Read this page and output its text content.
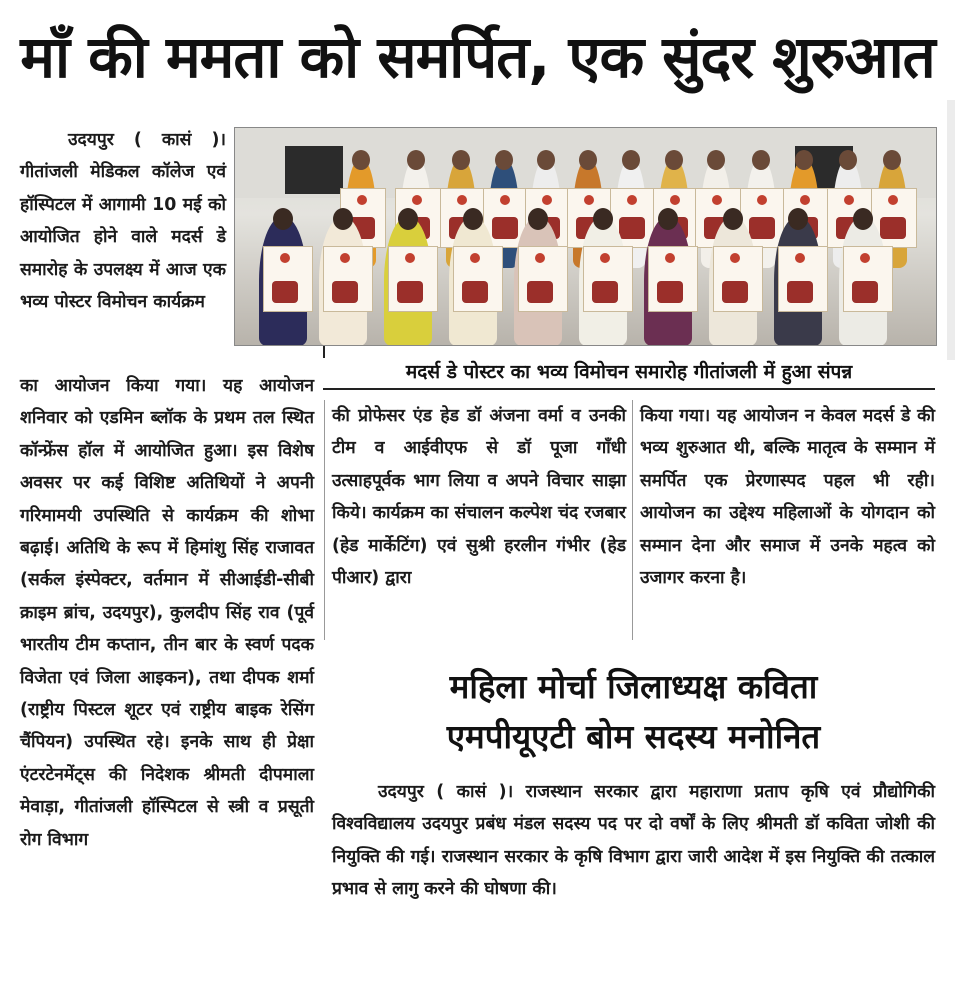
माँ की ममता को समर्पित, एक सुंदर शुरुआत
उदयपुर ( कासं )। गीतांजली मेडिकल कॉलेज एवं हॉस्पिटल में आगामी 10 मई को आयोजित होने वाले मदर्स डे समारोह के उपलक्ष्य में आज एक भव्य पोस्टर विमोचन कार्यक्रम
मदर्स डे पोस्टर का भव्य विमोचन समारोह गीतांजली में हुआ संपन्न
का आयोजन किया गया। यह आयोजन शनिवार को एडमिन ब्लॉक के प्रथम तल स्थित कॉन्फ्रेंस हॉल में आयोजित हुआ। इस विशेष अवसर पर कई विशिष्ट अतिथियों ने अपनी गरिमामयी उपस्थिति से कार्यक्रम की शोभा बढ़ाई। अतिथि के रूप में हिमांशु सिंह राजावत (सर्कल इंस्पेक्टर, वर्तमान में सीआईडी-सीबी क्राइम ब्रांच, उदयपुर), कुलदीप सिंह राव (पूर्व भारतीय टीम कप्तान, तीन बार के स्वर्ण पदक विजेता एवं जिला आइकन), तथा दीपक शर्मा (राष्ट्रीय पिस्टल शूटर एवं राष्ट्रीय बाइक रेसिंग चैंपियन) उपस्थित रहे। इनके साथ ही प्रेक्षा एंटरटेनमेंट्स की निदेशक श्रीमती दीपमाला मेवाड़ा, गीतांजली हॉस्पिटल से स्त्री व प्रसूती रोग विभाग
की प्रोफेसर एंड हेड डॉ अंजना वर्मा व उनकी टीम व आईवीएफ से डॉ पूजा गाँधी उत्साहपूर्वक भाग लिया व अपने विचार साझा किये। कार्यक्रम का संचालन कल्पेश चंद रजबार (हेड मार्केटिंग) एवं सुश्री हरलीन गंभीर (हेड पीआर) द्वारा
किया गया। यह आयोजन न केवल मदर्स डे की भव्य शुरुआत थी, बल्कि मातृत्व के सम्मान में समर्पित एक प्रेरणास्पद पहल भी रही। आयोजन का उद्देश्य महिलाओं के योगदान को सम्मान देना और समाज में उनके महत्व को उजागर करना है।
महिला मोर्चा जिलाध्यक्ष कविता
एमपीयूएटी बोम सदस्य मनोनित
उदयपुर ( कासं )। राजस्थान सरकार द्वारा महाराणा प्रताप कृषि एवं प्रौद्योगिकी विश्वविद्यालय उदयपुर प्रबंध मंडल सदस्य पद पर दो वर्षों के लिए श्रीमती डॉ कविता जोशी की नियुक्ति की गई। राजस्थान सरकार के कृषि विभाग द्वारा जारी आदेश में इस नियुक्ति की तत्काल प्रभाव से लागु करने की घोषणा की।
